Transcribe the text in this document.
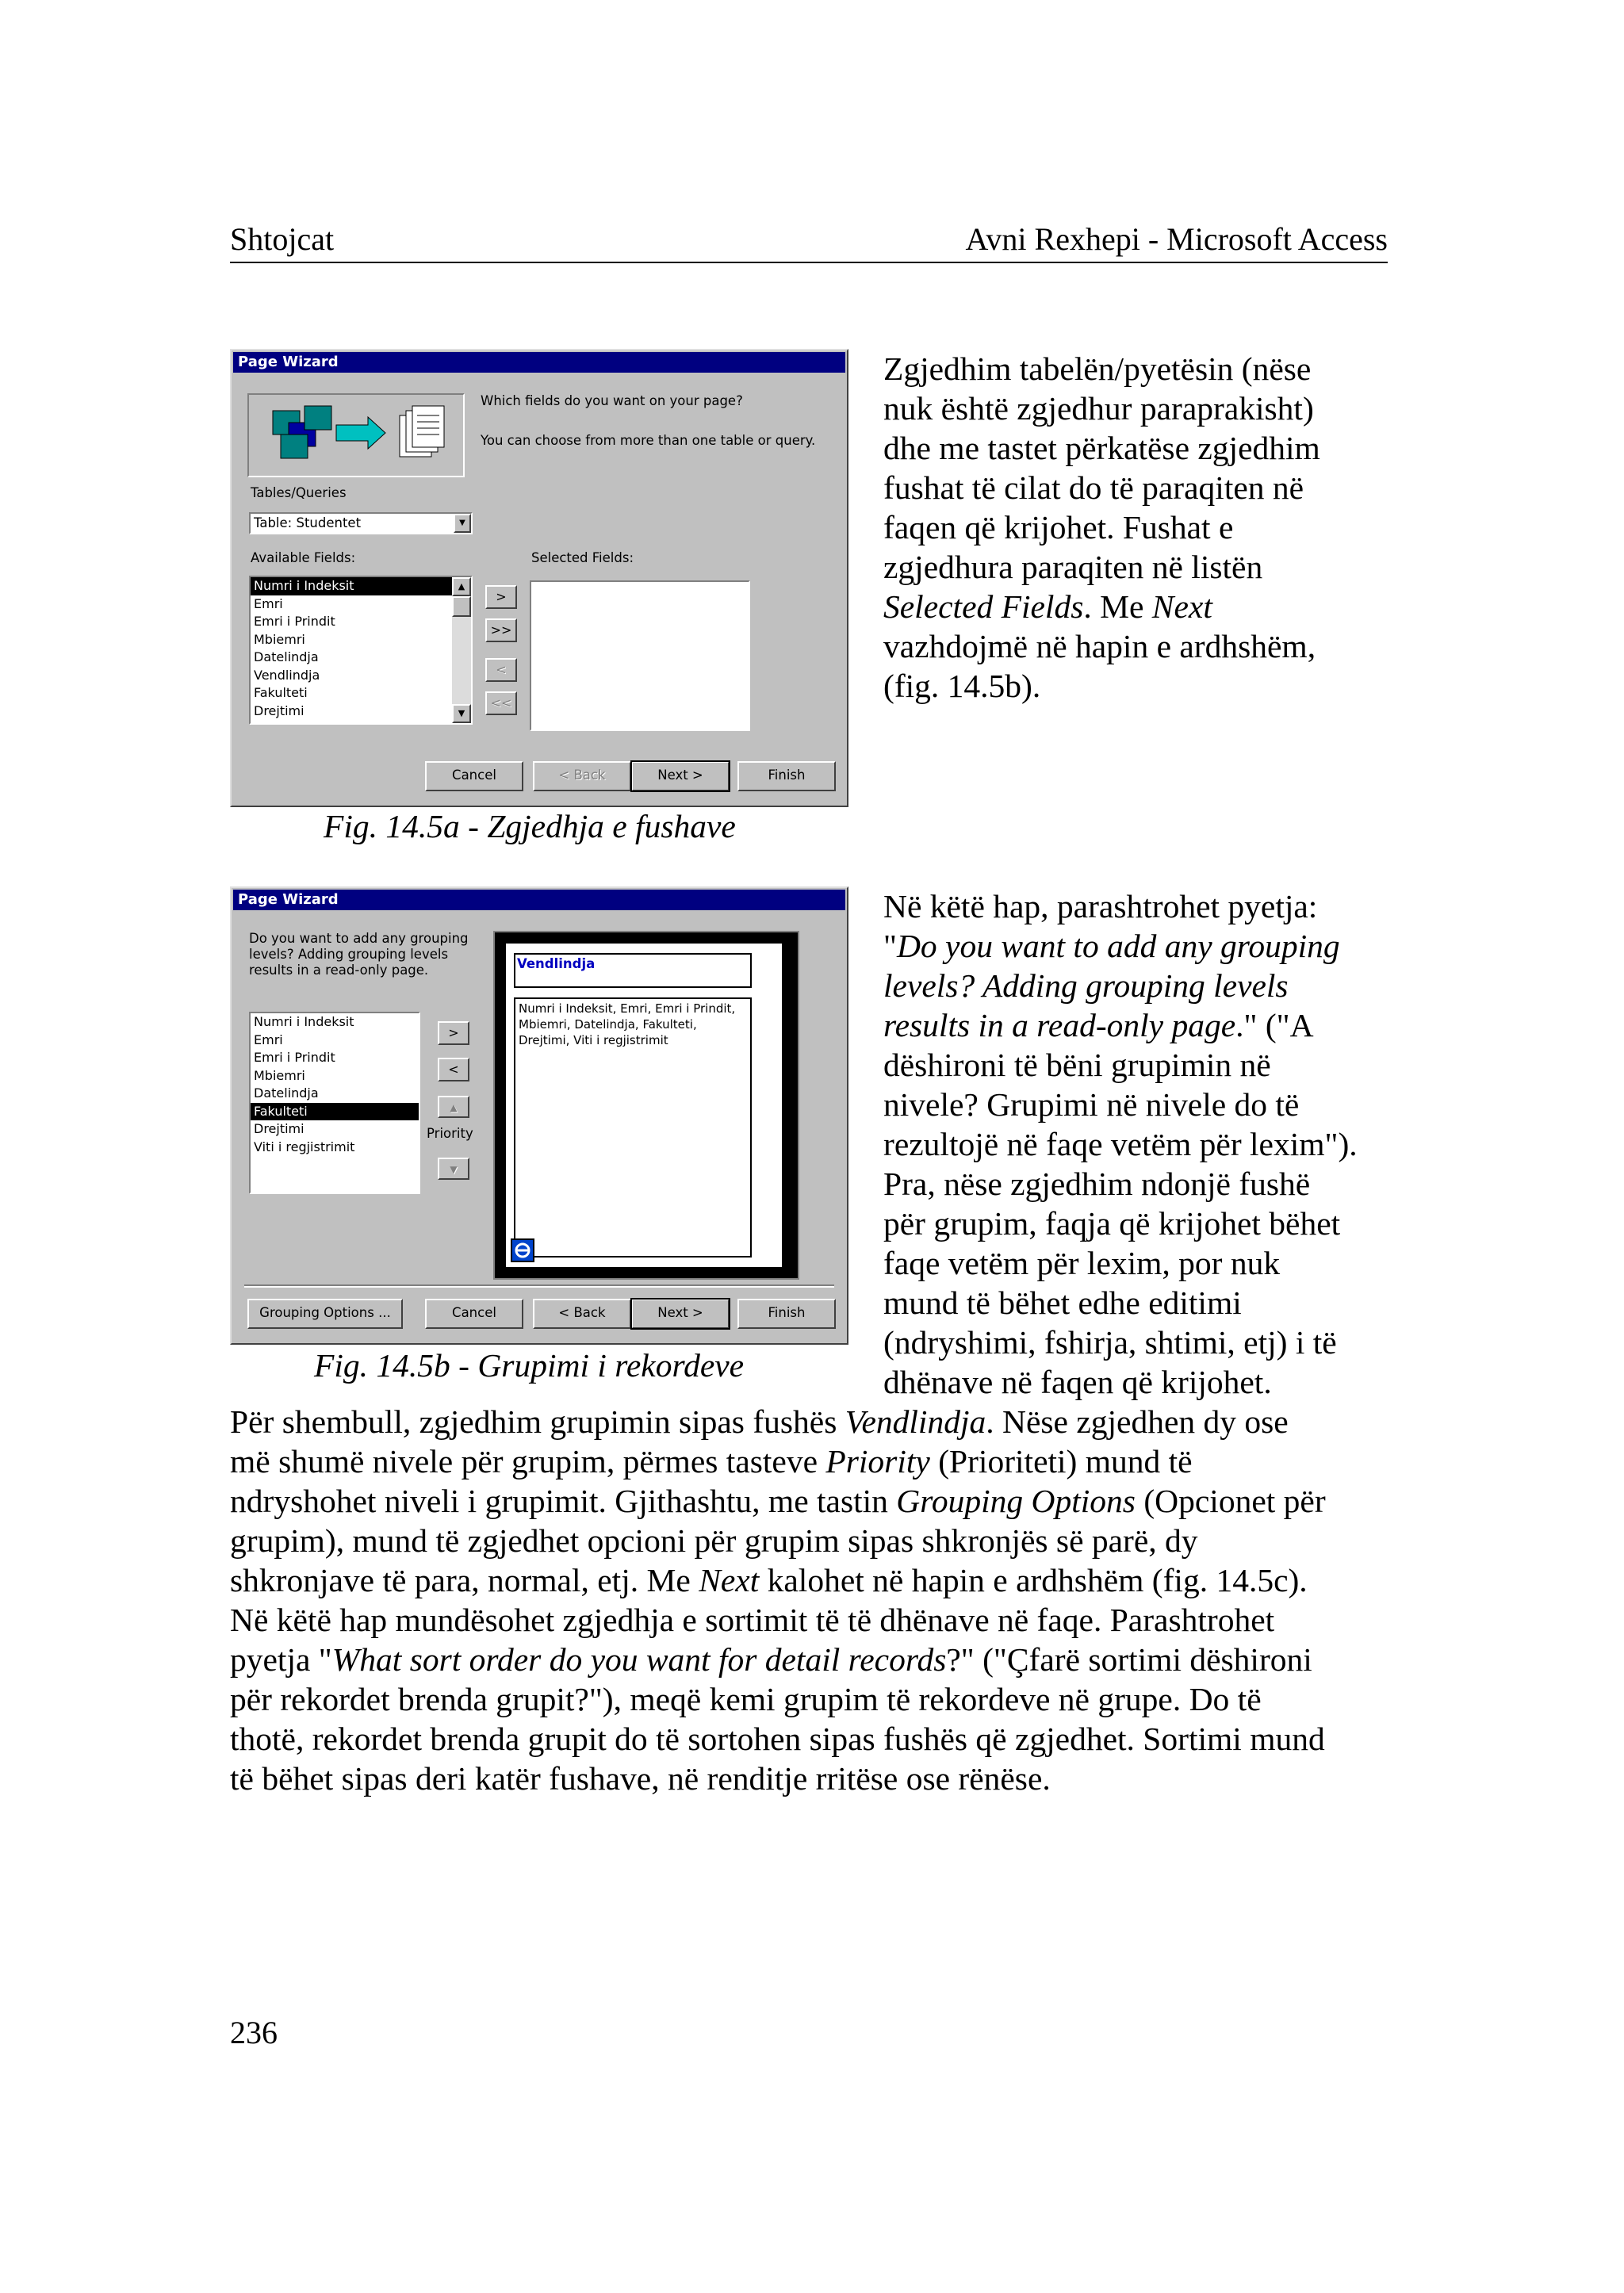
Shtojcat	Avni Rexhepi - Microsoft Access
Page Wizard
Which fields do you want on your page?
You can choose from more than one table or query.
Tables/Queries
Table: Studentet	▼
Available Fields:	Selected Fields:
Numri i Indeksit
Emri
Emri i Prindit
Mbiemri
Datelindja
Vendlindja
Fakulteti
Drejtimi
▲
▼
>
>>
<
<<
Cancel	< Back	Next >	Finish
Fig. 14.5a - Zgjedhja e fushave
Zgjedhim tabelën/pyetësin (nëse
nuk është zgjedhur paraprakisht)
dhe me tastet përkatëse zgjedhim
fushat të cilat do të paraqiten në
faqen që krijohet. Fushat e
zgjedhura paraqiten në listën
Selected Fields. Me Next
vazhdojmë në hapin e ardhshëm,
(fig. 14.5b).
Page Wizard
Do you want to add any grouping
levels? Adding grouping levels
results in a read-only page.
Numri i Indeksit
Emri
Emri i Prindit
Mbiemri
Datelindja
Fakulteti
Drejtimi
Viti i regjistrimit
>
<
▲
Priority
▼
Vendlindja
Numri i Indeksit, Emri, Emri i Prindit,
Mbiemri, Datelindja, Fakulteti,
Drejtimi, Viti i regjistrimit
Grouping Options ...	Cancel	< Back	Next >	Finish
Fig. 14.5b - Grupimi i rekordeve
Në këtë hap, parashtrohet pyetja:
"Do you want to add any grouping
levels? Adding grouping levels
results in a read-only page." ("A
dëshironi të bëni grupimin në
nivele? Grupimi në nivele do të
rezultojë në faqe vetëm për lexim").
Pra, nëse zgjedhim ndonjë fushë
për grupim, faqja që krijohet bëhet
faqe vetëm për lexim, por nuk
mund të bëhet edhe editimi
(ndryshimi, fshirja, shtimi, etj) i të
dhënave në faqen që krijohet.
Për shembull, zgjedhim grupimin sipas fushës Vendlindja. Nëse zgjedhen dy ose
më shumë nivele për grupim, përmes tasteve Priority (Prioriteti) mund të
ndryshohet niveli i grupimit. Gjithashtu, me tastin Grouping Options (Opcionet për
grupim), mund të zgjedhet opcioni për grupim sipas shkronjës së parë, dy
shkronjave të para, normal, etj. Me Next kalohet në hapin e ardhshëm (fig. 14.5c).
Në këtë hap mundësohet zgjedhja e sortimit të të dhënave në faqe. Parashtrohet
pyetja "What sort order do you want for detail records?" ("Çfarë sortimi dëshironi
për rekordet brenda grupit?"), meqë kemi grupim të rekordeve në grupe. Do të
thotë, rekordet brenda grupit do të sortohen sipas fushës që zgjedhet. Sortimi mund
të bëhet sipas deri katër fushave, në renditje rritëse ose rënëse.
236
